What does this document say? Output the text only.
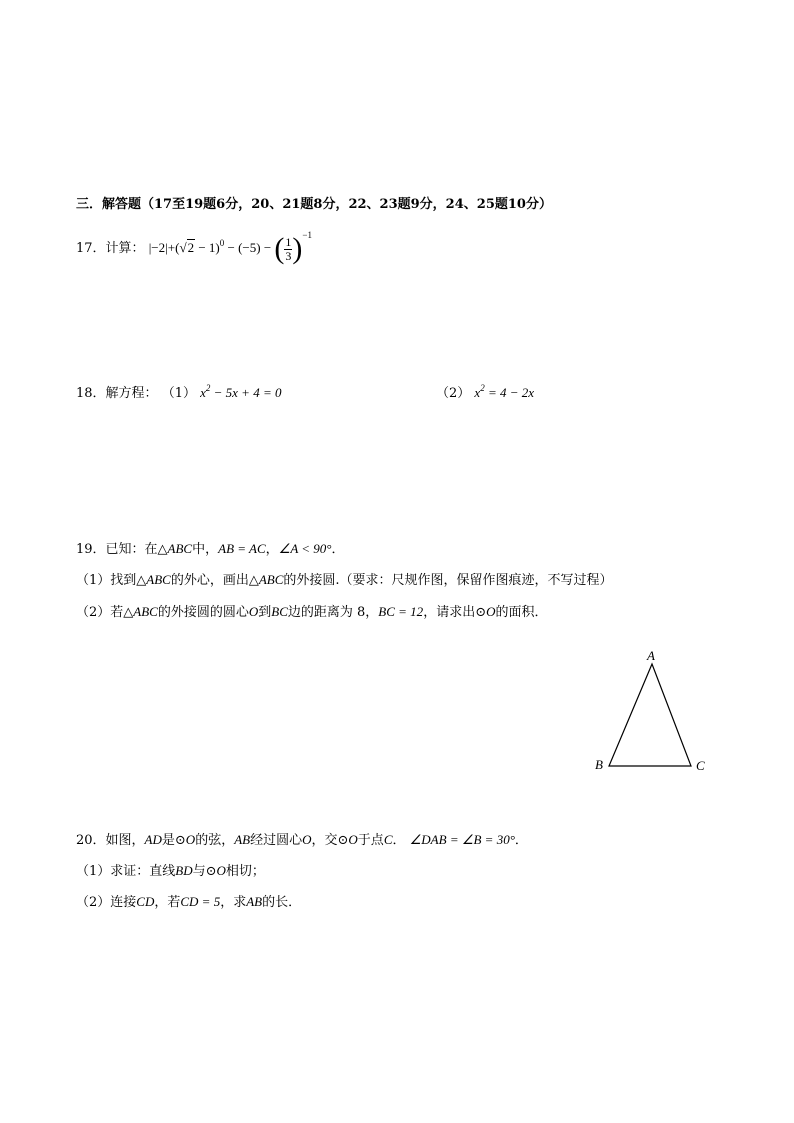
三．解答题（17至19题6分，20、21题8分，22、23题9分，24、25题10分）
17．计算： $|-2|+(√2 - 1)^0 - (-5)$ − ( $\frac{1}{3} )^{-1}$
18．解方程： （1） $x^2 - 5x + 4 = 0$	（2） $x^2 = 4 - 2x$
19．已知：在△ABC中，AB = AC，∠A < 90°．
（1）找到△ABC的外心，画出△ABC的外接圆.（要求：尺规作图，保留作图痕迹，不写过程）
（2）若△ABC的外接圆的圆心O到BC边的距离为 8，BC = 12，请求出⊙O的面积．
A
B	C
20．如图，AD是⊙O的弦，AB经过圆心O，交⊙O于点C． ∠DAB = ∠B = 30°．
（1）求证：直线BD与⊙O相切；
（2）连接CD，若CD = 5，求AB的长．
